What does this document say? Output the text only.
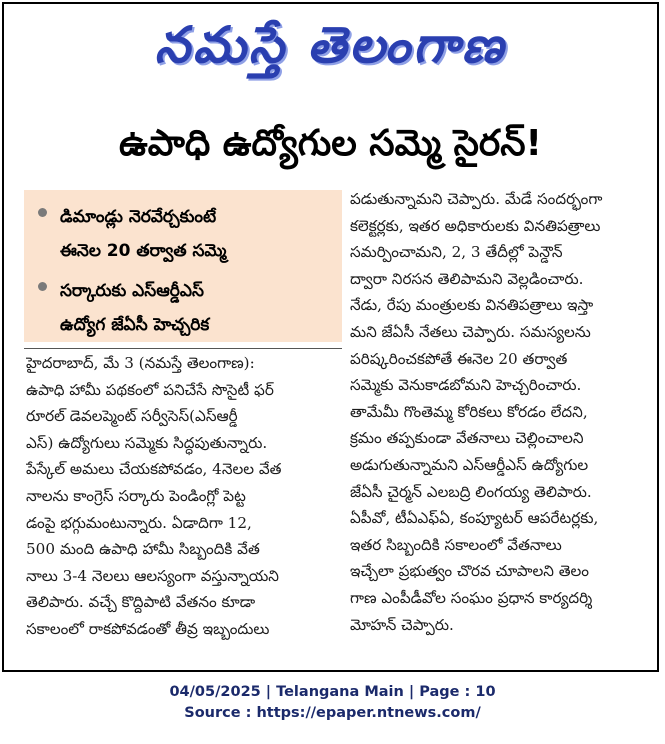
నమస్తే తెలంగాణ
ఉపాధి ఉద్యోగుల సమ్మె సైరన్!
డిమాండ్లు నెరవేర్చకుంటే
ఈనెల 20 తర్వాత సమ్మె
సర్కారుకు ఎస్ఆర్డీఎస్
ఉద్యోగ జేఏసీ హెచ్చరిక
హైదరాబాద్, మే 3 (నమస్తే తెలంగాణ):
ఉపాధి హామీ పథకంలో పనిచేసే సొసైటీ ఫర్
రూరల్ డెవలప్మెంట్ సర్వీసెస్(ఎస్ఆర్డీ
ఎస్) ఉద్యోగులు సమ్మెకు సిద్ధపుతున్నారు.
పేస్కేల్ అమలు చేయకపోవడం, 4నెలల వేత
నాలను కాంగ్రెస్ సర్కారు పెండింగ్లో పెట్ట
డంపై భగ్గుమంటున్నారు. ఏడాదిగా 12,
500 మంది ఉపాధి హామీ సిబ్బందికి వేత
నాలు 3-4 నెలలు ఆలస్యంగా వస్తున్నాయని
తెలిపారు. వచ్చే కొద్దిపాటి వేతనం కూడా
సకాలంలో రాకపోవడంతో తీవ్ర ఇబ్బందులు
పడుతున్నామని చెప్పారు. మేడే సందర్భంగా
కలెక్టర్లకు, ఇతర అధికారులకు వినతిపత్రాలు
సమర్పించామని, 2, 3 తేదీల్లో పెన్డౌన్
ద్వారా నిరసన తెలిపామని వెల్లడించారు.
నేడు, రేపు మంత్రులకు వినతిపత్రాలు ఇస్తా
మని జేఏసీ నేతలు చెప్పారు. సమస్యలను
పరిష్కరించకపోతే ఈనెల 20 తర్వాత
సమ్మెకు వెనుకాడబోమని హెచ్చరించారు.
తామేమీ గొంతెమ్మ కోరికలు కోరడం లేదని,
క్రమం తప్పకుండా వేతనాలు చెల్లించాలని
అడుగుతున్నామని ఎస్ఆర్డీఎస్ ఉద్యోగుల
జేఏసీ చైర్మన్ ఎలబద్రి లింగయ్య తెలిపారు.
ఏపీవో, టీఏఎఫ్ఏ, కంప్యూటర్ ఆపరేటర్లకు,
ఇతర సిబ్బందికి సకాలంలో వేతనాలు
ఇచ్చేలా ప్రభుత్వం చొరవ చూపాలని తెలం
గాణ ఎంపీడీవోల సంఘం ప్రధాన కార్యదర్శి
మోహన్ చెప్పారు.
04/05/2025 | Telangana Main | Page : 10
Source : https://epaper.ntnews.com/
